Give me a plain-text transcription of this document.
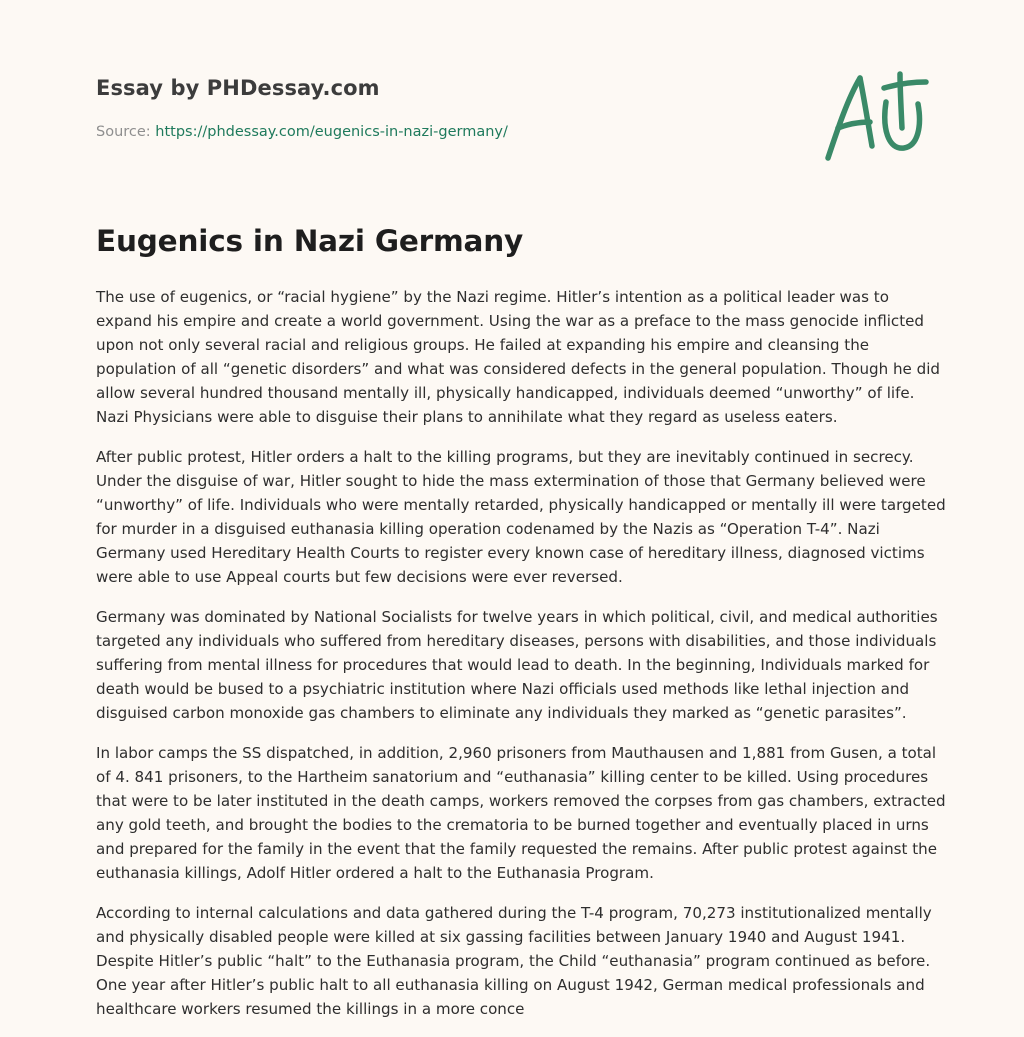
Essay by PHDessay.com
Source: https://phdessay.com/eugenics-in-nazi-germany/
Eugenics in Nazi Germany

The use of eugenics, or “racial hygiene” by the Nazi regime. Hitler’s intention as a political leader was to expand his empire and create a world government. Using the war as a preface to the mass genocide inflicted upon not only several racial and religious groups. He failed at expanding his empire and cleansing the population of all “genetic disorders” and what was considered defects in the general population. Though he did allow several hundred thousand mentally ill, physically handicapped, individuals deemed “unworthy” of life. Nazi Physicians were able to disguise their plans to annihilate what they regard as useless eaters.

After public protest, Hitler orders a halt to the killing programs, but they are inevitably continued in secrecy. Under the disguise of war, Hitler sought to hide the mass extermination of those that Germany believed were “unworthy” of life. Individuals who were mentally retarded, physically handicapped or mentally ill were targeted for murder in a disguised euthanasia killing operation codenamed by the Nazis as “Operation T-4”. Nazi Germany used Hereditary Health Courts to register every known case of hereditary illness, diagnosed victims were able to use Appeal courts but few decisions were ever reversed.

Germany was dominated by National Socialists for twelve years in which political, civil, and medical authorities targeted any individuals who suffered from hereditary diseases, persons with disabilities, and those individuals suffering from mental illness for procedures that would lead to death. In the beginning, Individuals marked for death would be bused to a psychiatric institution where Nazi officials used methods like lethal injection and disguised carbon monoxide gas chambers to eliminate any individuals they marked as “genetic parasites”.

In labor camps the SS dispatched, in addition, 2,960 prisoners from Mauthausen and 1,881 from Gusen, a total of 4. 841 prisoners, to the Hartheim sanatorium and “euthanasia” killing center to be killed. Using procedures that were to be later instituted in the death camps, workers removed the corpses from gas chambers, extracted any gold teeth, and brought the bodies to the crematoria to be burned together and eventually placed in urns and prepared for the family in the event that the family requested the remains. After public protest against the euthanasia killings, Adolf Hitler ordered a halt to the Euthanasia Program.

According to internal calculations and data gathered during the T-4 program, 70,273 institutionalized mentally and physically disabled people were killed at six gassing facilities between January 1940 and August 1941. Despite Hitler’s public “halt” to the Euthanasia program, the Child “euthanasia” program continued as before. One year after Hitler’s public halt to all euthanasia killing on August 1942, German medical professionals and healthcare workers resumed the killings in a more conce
